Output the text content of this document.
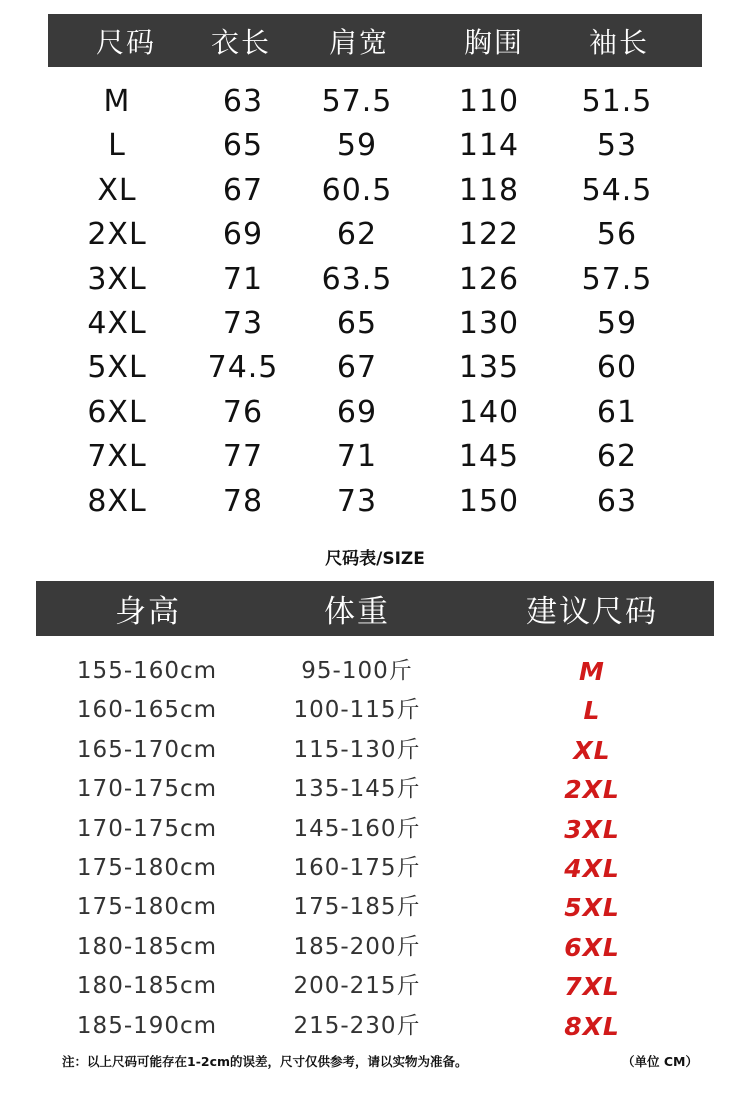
尺码 衣长 肩宽	胸围 袖长
M	63 57.5 110 51.5
L	65 59	114	53
XL	67 60.5 118 54.5
2XL	69 62	122	56
3XL	71 63.5 126 57.5
4XL	73 65	130	59
5XL 74.5 67	135	60
6XL	76 69	140	61
7XL	77 71	145	62
8XL	78 73	150	63
尺码表/SIZE
身高	体重	建议尺码
155-160cm	95-100斤	M
160-165cm	100-115斤	L
165-170cm	115-130斤	XL
170-175cm	135-145斤	2XL
170-175cm	145-160斤	3XL
175-180cm	160-175斤	4XL
175-180cm	175-185斤	5XL
180-185cm	185-200斤	6XL
180-185cm	200-215斤	7XL
185-190cm	215-230斤	8XL
注：以上尺码可能存在1-2cm的误差，尺寸仅供参考，请以实物为准备。	（单位 CM）
